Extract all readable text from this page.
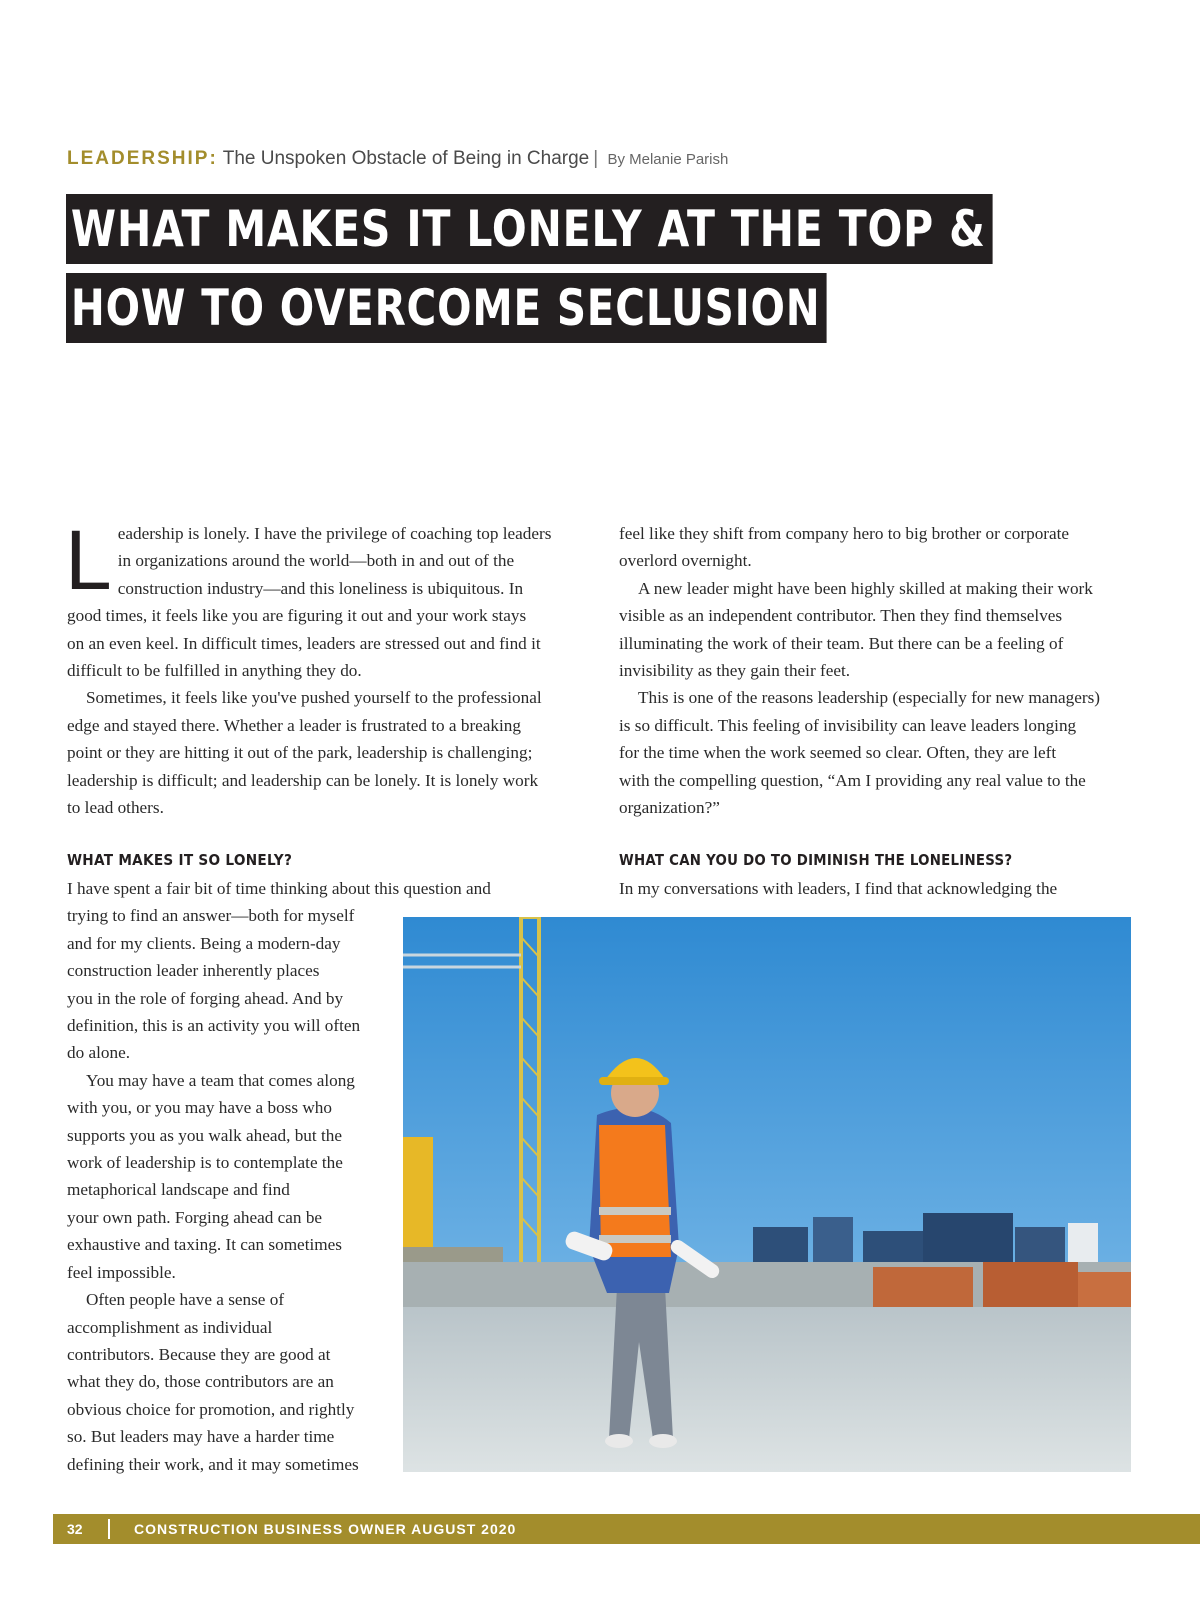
LEADERSHIP: The Unspoken Obstacle of Being in Charge | By Melanie Parish
WHAT MAKES IT LONELY AT THE TOP &
HOW TO OVERCOME SECLUSION
L eadership is lonely. I have the privilege of coaching top leaders
in organizations around the world—both in and out of the
construction industry—and this loneliness is ubiquitous. In
good times, it feels like you are figuring it out and your work stays
on an even keel. In difficult times, leaders are stressed out and find it
difficult to be fulfilled in anything they do.

Sometimes, it feels like you've pushed yourself to the professional
edge and stayed there. Whether a leader is frustrated to a breaking
point or they are hitting it out of the park, leadership is challenging;
leadership is difficult; and leadership can be lonely. It is lonely work
to lead others.

WHAT MAKES IT SO LONELY?

I have spent a fair bit of time thinking about this question and
trying to find an answer—both for myself
and for my clients. Being a modern-day
construction leader inherently places
you in the role of forging ahead. And by
definition, this is an activity you will often
do alone.

You may have a team that comes along
with you, or you may have a boss who
supports you as you walk ahead, but the
work of leadership is to contemplate the
metaphorical landscape and find
your own path. Forging ahead can be
exhaustive and taxing. It can sometimes
feel impossible.

Often people have a sense of
accomplishment as individual
contributors. Because they are good at
what they do, those contributors are an
obvious choice for promotion, and rightly
so. But leaders may have a harder time
defining their work, and it may sometimes

feel like they shift from company hero to big brother or corporate
overlord overnight.

A new leader might have been highly skilled at making their work
visible as an independent contributor. Then they find themselves
illuminating the work of their team. But there can be a feeling of
invisibility as they gain their feet.

This is one of the reasons leadership (especially for new managers)
is so difficult. This feeling of invisibility can leave leaders longing
for the time when the work seemed so clear. Often, they are left
with the compelling question, “Am I providing any real value to the
organization?”

WHAT CAN YOU DO TO DIMINISH THE LONELINESS?

In my conversations with leaders, I find that acknowledging the

32	CONSTRUCTION BUSINESS OWNER AUGUST 2020
